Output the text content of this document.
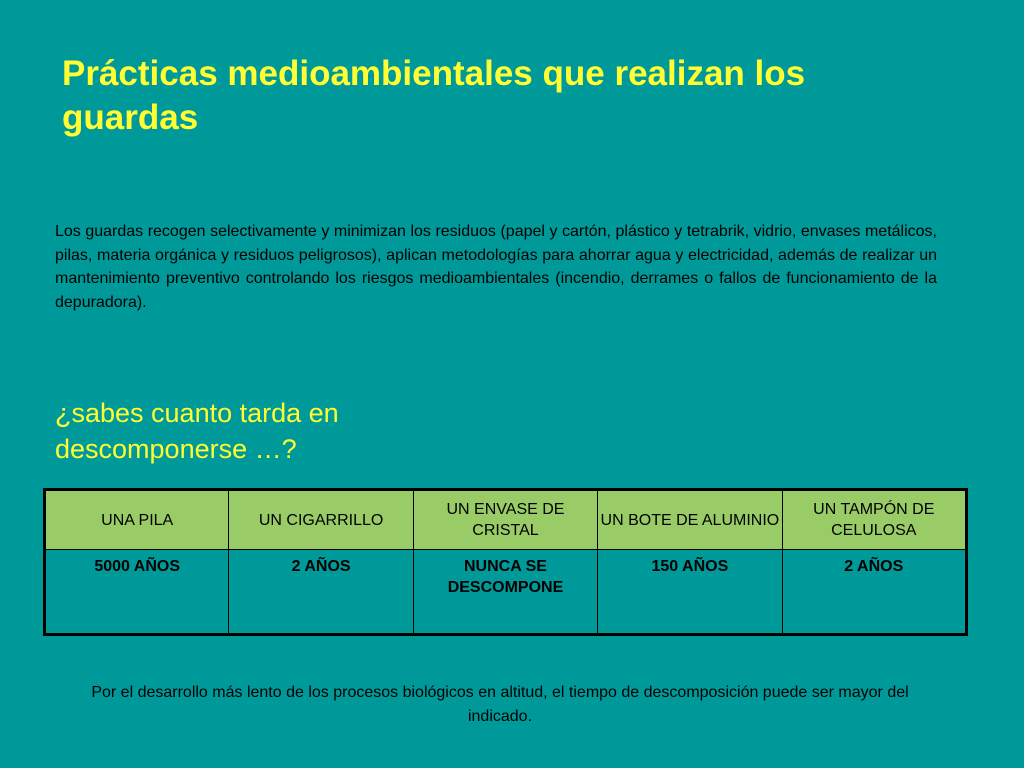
Prácticas medioambientales que realizan los guardas

Los guardas recogen selectivamente y minimizan los residuos (papel y cartón, plástico y tetrabrik, vidrio, envases metálicos, pilas, materia orgánica y residuos peligrosos), aplican metodologías para ahorrar agua y electricidad, además de realizar un mantenimiento preventivo controlando los riesgos medioambientales (incendio, derrames o fallos de funcionamiento de la depuradora).

¿sabes cuanto tarda en descomponerse …?

UNA PILA	UN CIGARRILLO	UN ENVASE DE CRISTAL	UN BOTE DE ALUMINIO	UN TAMPÓN DE CELULOSA
5000 AÑOS	2 AÑOS	NUNCA SE DESCOMPONE	150 AÑOS	2 AÑOS

Por el desarrollo más lento de los procesos biológicos en altitud, el tiempo de descomposición puede ser mayor del indicado.
